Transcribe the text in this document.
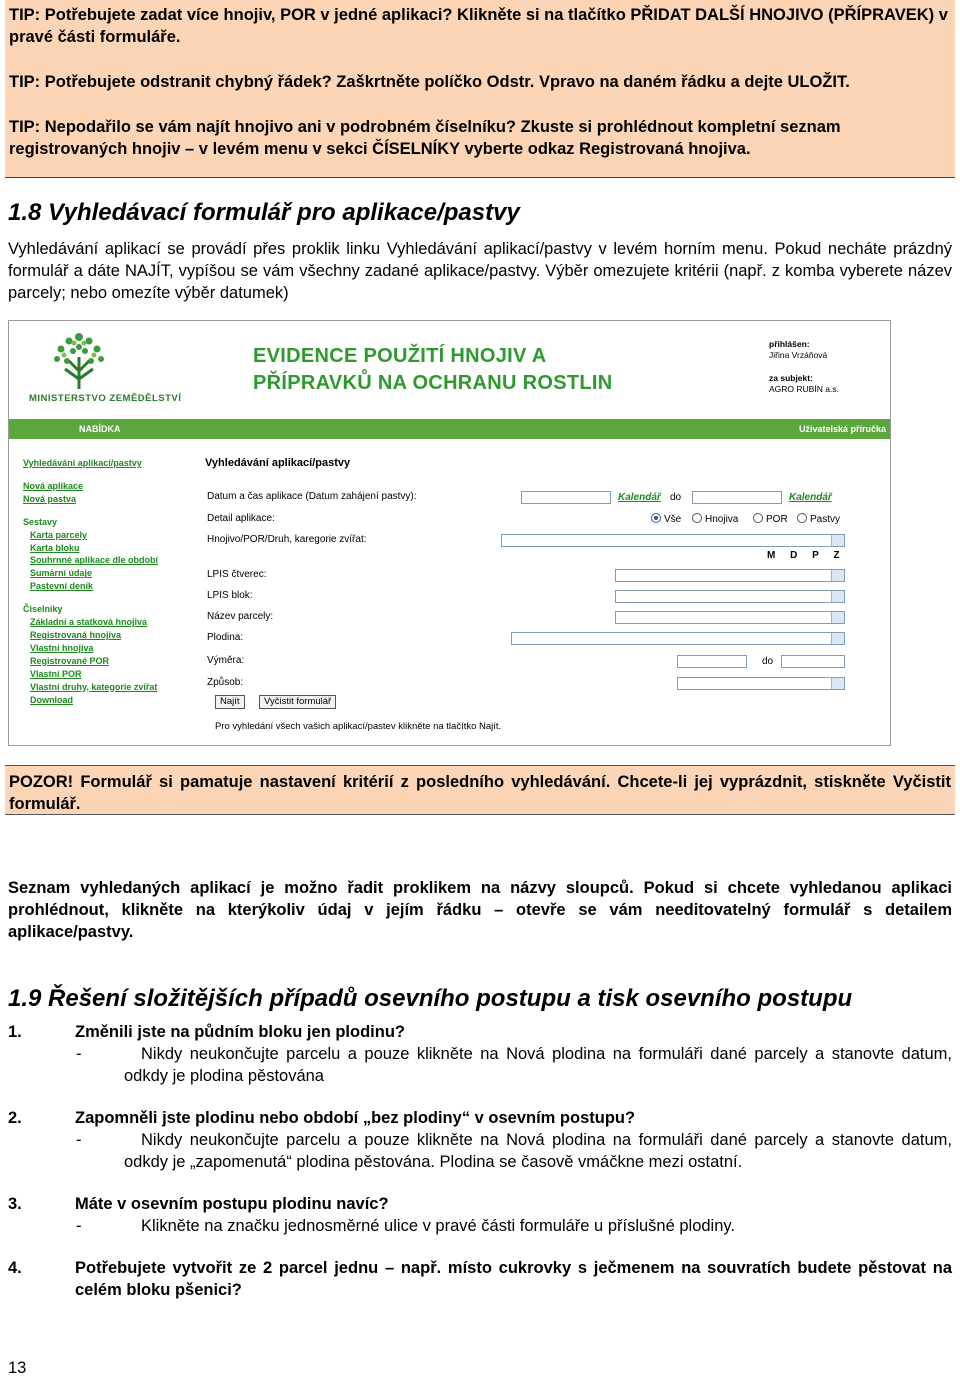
TIP: Potřebujete zadat více hnojiv, POR v jedné aplikaci? Klikněte si na tlačítko PŘIDAT DALŠÍ HNOJIVO (PŘÍPRAVEK) v pravé části formuláře.

TIP: Potřebujete odstranit chybný řádek? Zaškrtněte políčko Odstr. Vpravo na daném řádku a dejte ULOŽIT.

TIP: Nepodařilo se vám najít hnojivo ani v podrobném číselníku? Zkuste si prohlédnout kompletní seznam registrovaných hnojiv – v levém menu v sekci ČÍSELNÍKY vyberte odkaz Registrovaná hnojiva.

1.8 Vyhledávací formulář pro aplikace/pastvy
Vyhledávání aplikací se provádí přes proklik linku Vyhledávání aplikací/pastvy v levém horním menu. Pokud necháte prázdný formulář a dáte NAJÍT, vypíšou se vám všechny zadané aplikace/pastvy. Výběr omezujete kritérii (např. z komba vyberete název parcely; nebo omezíte výběr datumek)
MINISTERSTVO ZEMĚDĚLSTVÍ
EVIDENCE POUŽITÍ HNOJIV A
PŘÍPRAVKŮ NA OCHRANU ROSTLIN
přihlášen:
Jiřina Vrzáňová
za subjekt:
AGRO RUBÍN a.s.
NABÍDKA	Uživatelská příručka
Vyhledávání aplikací/pastvy
Nová aplikace
Nová pastva
Sestavy
Karta parcely
Karta bloku
Souhrnné aplikace dle období
Sumární údaje
Pastevní deník
Číselníky
Základní a statková hnojiva
Registrovaná hnojiva
Vlastní hnojiva
Registrované POR
Vlastní POR
Vlastní druhy, kategorie zvířat
Download
Vyhledávání aplikací/pastvy
Datum a čas aplikace (Datum zahájení pastvy):	Kalendář do	Kalendář
Detail aplikace:	Vše	Hnojiva	POR	Pastvy
Hnojivo/POR/Druh, karegorie zvířat:
M D P Z
LPIS čtverec:
LPIS blok:
Název parcely:
Plodina:
Výměra:	do
Způsob:
Najít	Vyčistit formulář
Pro vyhledání všech vašich aplikací/pastev klikněte na tlačítko Najít.
POZOR! Formulář si pamatuje nastavení kritérií z posledního vyhledávání. Chcete-li jej vyprázdnit, stiskněte Vyčistit formulář.
Seznam vyhledaných aplikací je možno řadit proklikem na názvy sloupců. Pokud si chcete vyhledanou aplikaci prohlédnout, klikněte na kterýkoliv údaj v jejím řádku – otevře se vám needitovatelný formulář s detailem aplikace/pastvy.
1.9 Řešení složitějších případů osevního postupu a tisk osevního postupu
1.	Změnili jste na půdním bloku jen plodinu?
-	Nikdy neukončujte parcelu a pouze klikněte na Nová plodina na formuláři dané parcely a stanovte datum, odkdy je plodina pěstována
2.	Zapomněli jste plodinu nebo období „bez plodiny“ v osevním postupu?
-	Nikdy neukončujte parcelu a pouze klikněte na Nová plodina na formuláři dané parcely a stanovte datum, odkdy je „zapomenutá“ plodina pěstována. Plodina se časově vmáčkne mezi ostatní.
3.	Máte v osevním postupu plodinu navíc?
-	Klikněte na značku jednosměrné ulice v pravé části formuláře u příslušné plodiny.
4.	Potřebujete vytvořit ze 2 parcel jednu – např. místo cukrovky s ječmenem na souvratích budete pěstovat na celém bloku pšenici?
13
